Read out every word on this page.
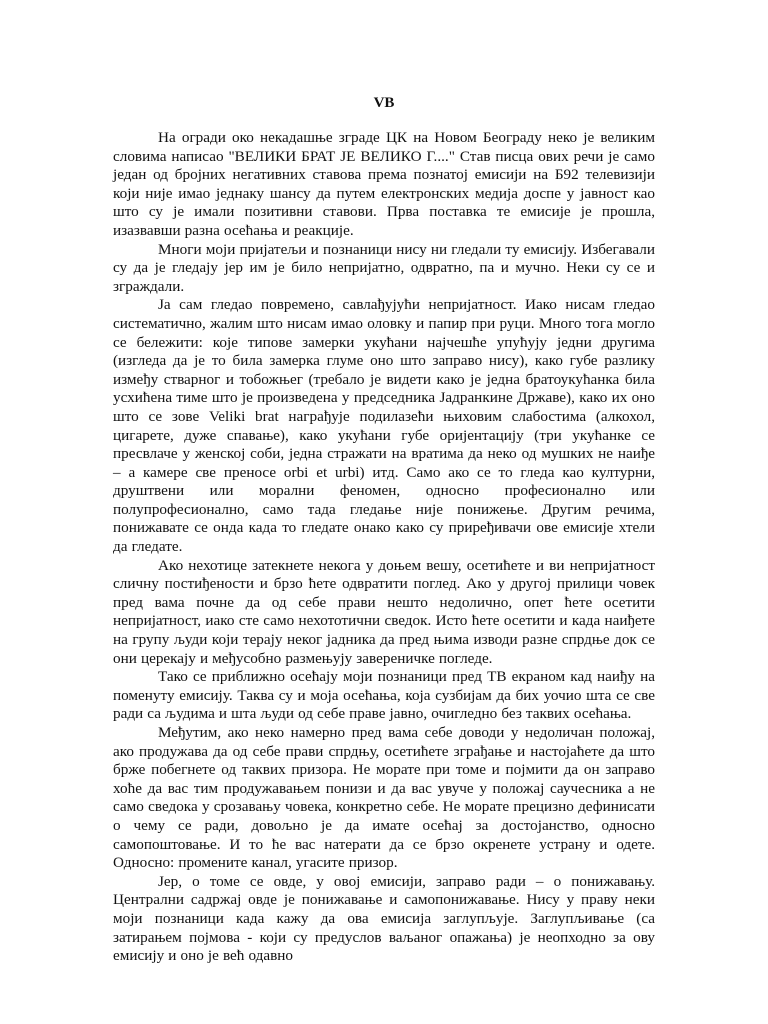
VB

На огради око некадашње зграде ЦК на Новом Београду неко је великим словима написао "ВЕЛИКИ БРАТ ЈЕ ВЕЛИКО Г...." Став писца ових речи је само један од бројних негативних ставова према познатој емисији на Б92 телевизији који није имао једнаку шансу да путем електронских медија доспе у јавност као што су је имали позитивни ставови. Прва поставка те емисије је прошла, изазвавши разна осећања и реакције.

Многи моји пријатељи и познаници нису ни гледали ту емисију. Избегавали су да је гледају јер им је било непријатно, одвратно, па и мучно. Неки су се и зграждали.

Ја сам гледао повремено, савлађујући непријатност. Иако нисам гледао систематично, жалим што нисам имао оловку и папир при руци. Много тога могло се бележити: које типове замерки укућани најчешће упућују једни другима (изгледа да је то била замерка глуме оно што заправо нису), како губе разлику између стварног и тобожњег (требало је видети како је једна братоукућанка била усхићена тиме што је произведена у председника Јадранкине Државе), како их оно што се зове Veliki brat награђује подилазећи њиховим слабостима (алкохол, цигарете, дуже спавање), како укућани губе оријентацију (три укућанке се пресвлаче у женској соби, једна стражати на вратима да неко од мушких не наиђе – а камере све преносе orbi et urbi) итд. Само ако се то гледа као културни, друштвени или морални феномен, односно професионално или полупрофесионално, само тада гледање није понижење. Другим речима, понижавате се онда када то гледате онако како су приређивачи ове емисије хтели да гледате.

Ако нехотице затекнете некога у доњем вешу, осетићете и ви непријатност сличну постиђености и брзо ћете одвратити поглед. Ако у другој прилици човек пред вама почне да од себе прави нешто недолично, опет ћете осетити непријатност, иако сте само нехототични сведок. Исто ћете осетити и када наиђете на групу људи који терају неког јадника да пред њима изводи разне спрдње док се они церекају и међусобно размењују заверeничке погледе.

Тако се приближно осећају моји познаници пред ТВ екраном кад наиђу на поменуту емисију. Таква су и моја осећања, која сузбијам да бих уочио шта се све ради са људима и шта људи од себе праве јавно, очигледно без таквих осећања.

Међутим, ако неко намерно пред вама себе доводи у недоличан положај, ако продужава да од себе прави спрдњу, осетићете зграђање и настојаћете да што брже побегнете од таквих призора. Не морате при томе и појмити да он заправо хоће да вас тим продужавањем понизи и да вас увуче у положај саучесника а не само сведока у срозавању човека, конкретно себе. Не морате прецизно дефинисати о чему се ради, довољно је да имате осећај за достојанство, односно самопоштовање. И то ће вас натерати да се брзо окренете устрану и одете. Односно: промените канал, угасите призор.

Јер, о томе се овде, у овој емисији, заправо ради – о понижавању. Централни садржај овде је понижавање и самопонижавање. Нису у праву неки моји познаници када кажу да ова емисија заглупљује. Заглупљивање (са затирањем појмова - који су предуслов ваљаног опажања) је неопходно за ову емисију и оно је већ одавно
